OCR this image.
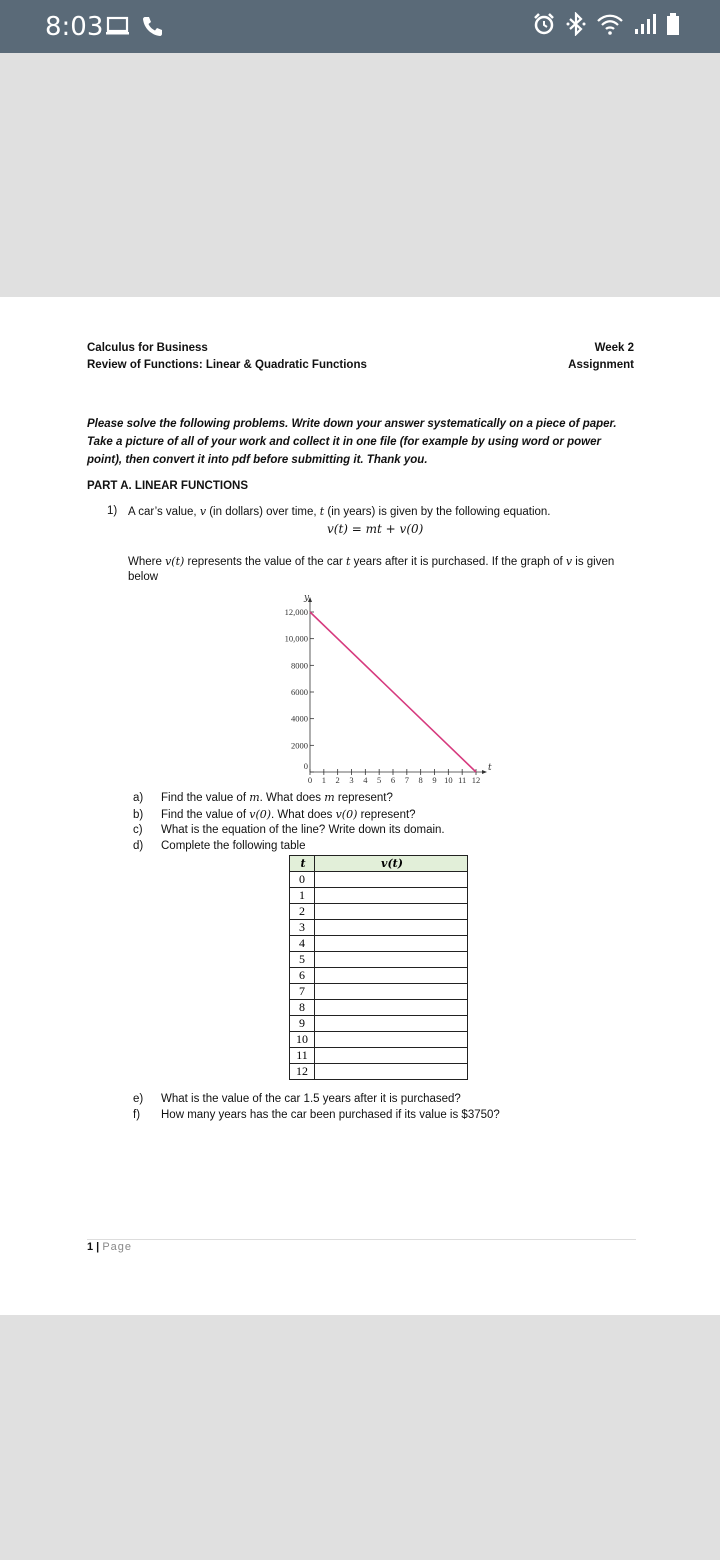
8:03
Calculus for Business
Review of Functions: Linear & Quadratic Functions
Week 2
Assignment
Please solve the following problems. Write down your answer systematically on a piece of paper. Take a picture of all of your work and collect it in one file (for example by using word or power point), then convert it into pdf before submitting it. Thank you.
PART A. LINEAR FUNCTIONS
1) A car’s value, v (in dollars) over time, t (in years) is given by the following equation.
v(t) = mt + v(0)
Where v(t) represents the value of the car t years after it is purchased. If the graph of v is given below
y
t
0
2000
4000
6000
8000
10,000
12,000
0 1 2 3 4 5 6 7 8 9 10 11 12
a) Find the value of m. What does m represent?
b) Find the value of v(0). What does v(0) represent?
c) What is the equation of the line? Write down its domain.
d) Complete the following table
t	v(t)
0	
1	
2	
3	
4	
5	
6	
7	
8	
9	
10	
11	
12	
e) What is the value of the car 1.5 years after it is purchased?
f) How many years has the car been purchased if its value is $3750?
1 | Page
